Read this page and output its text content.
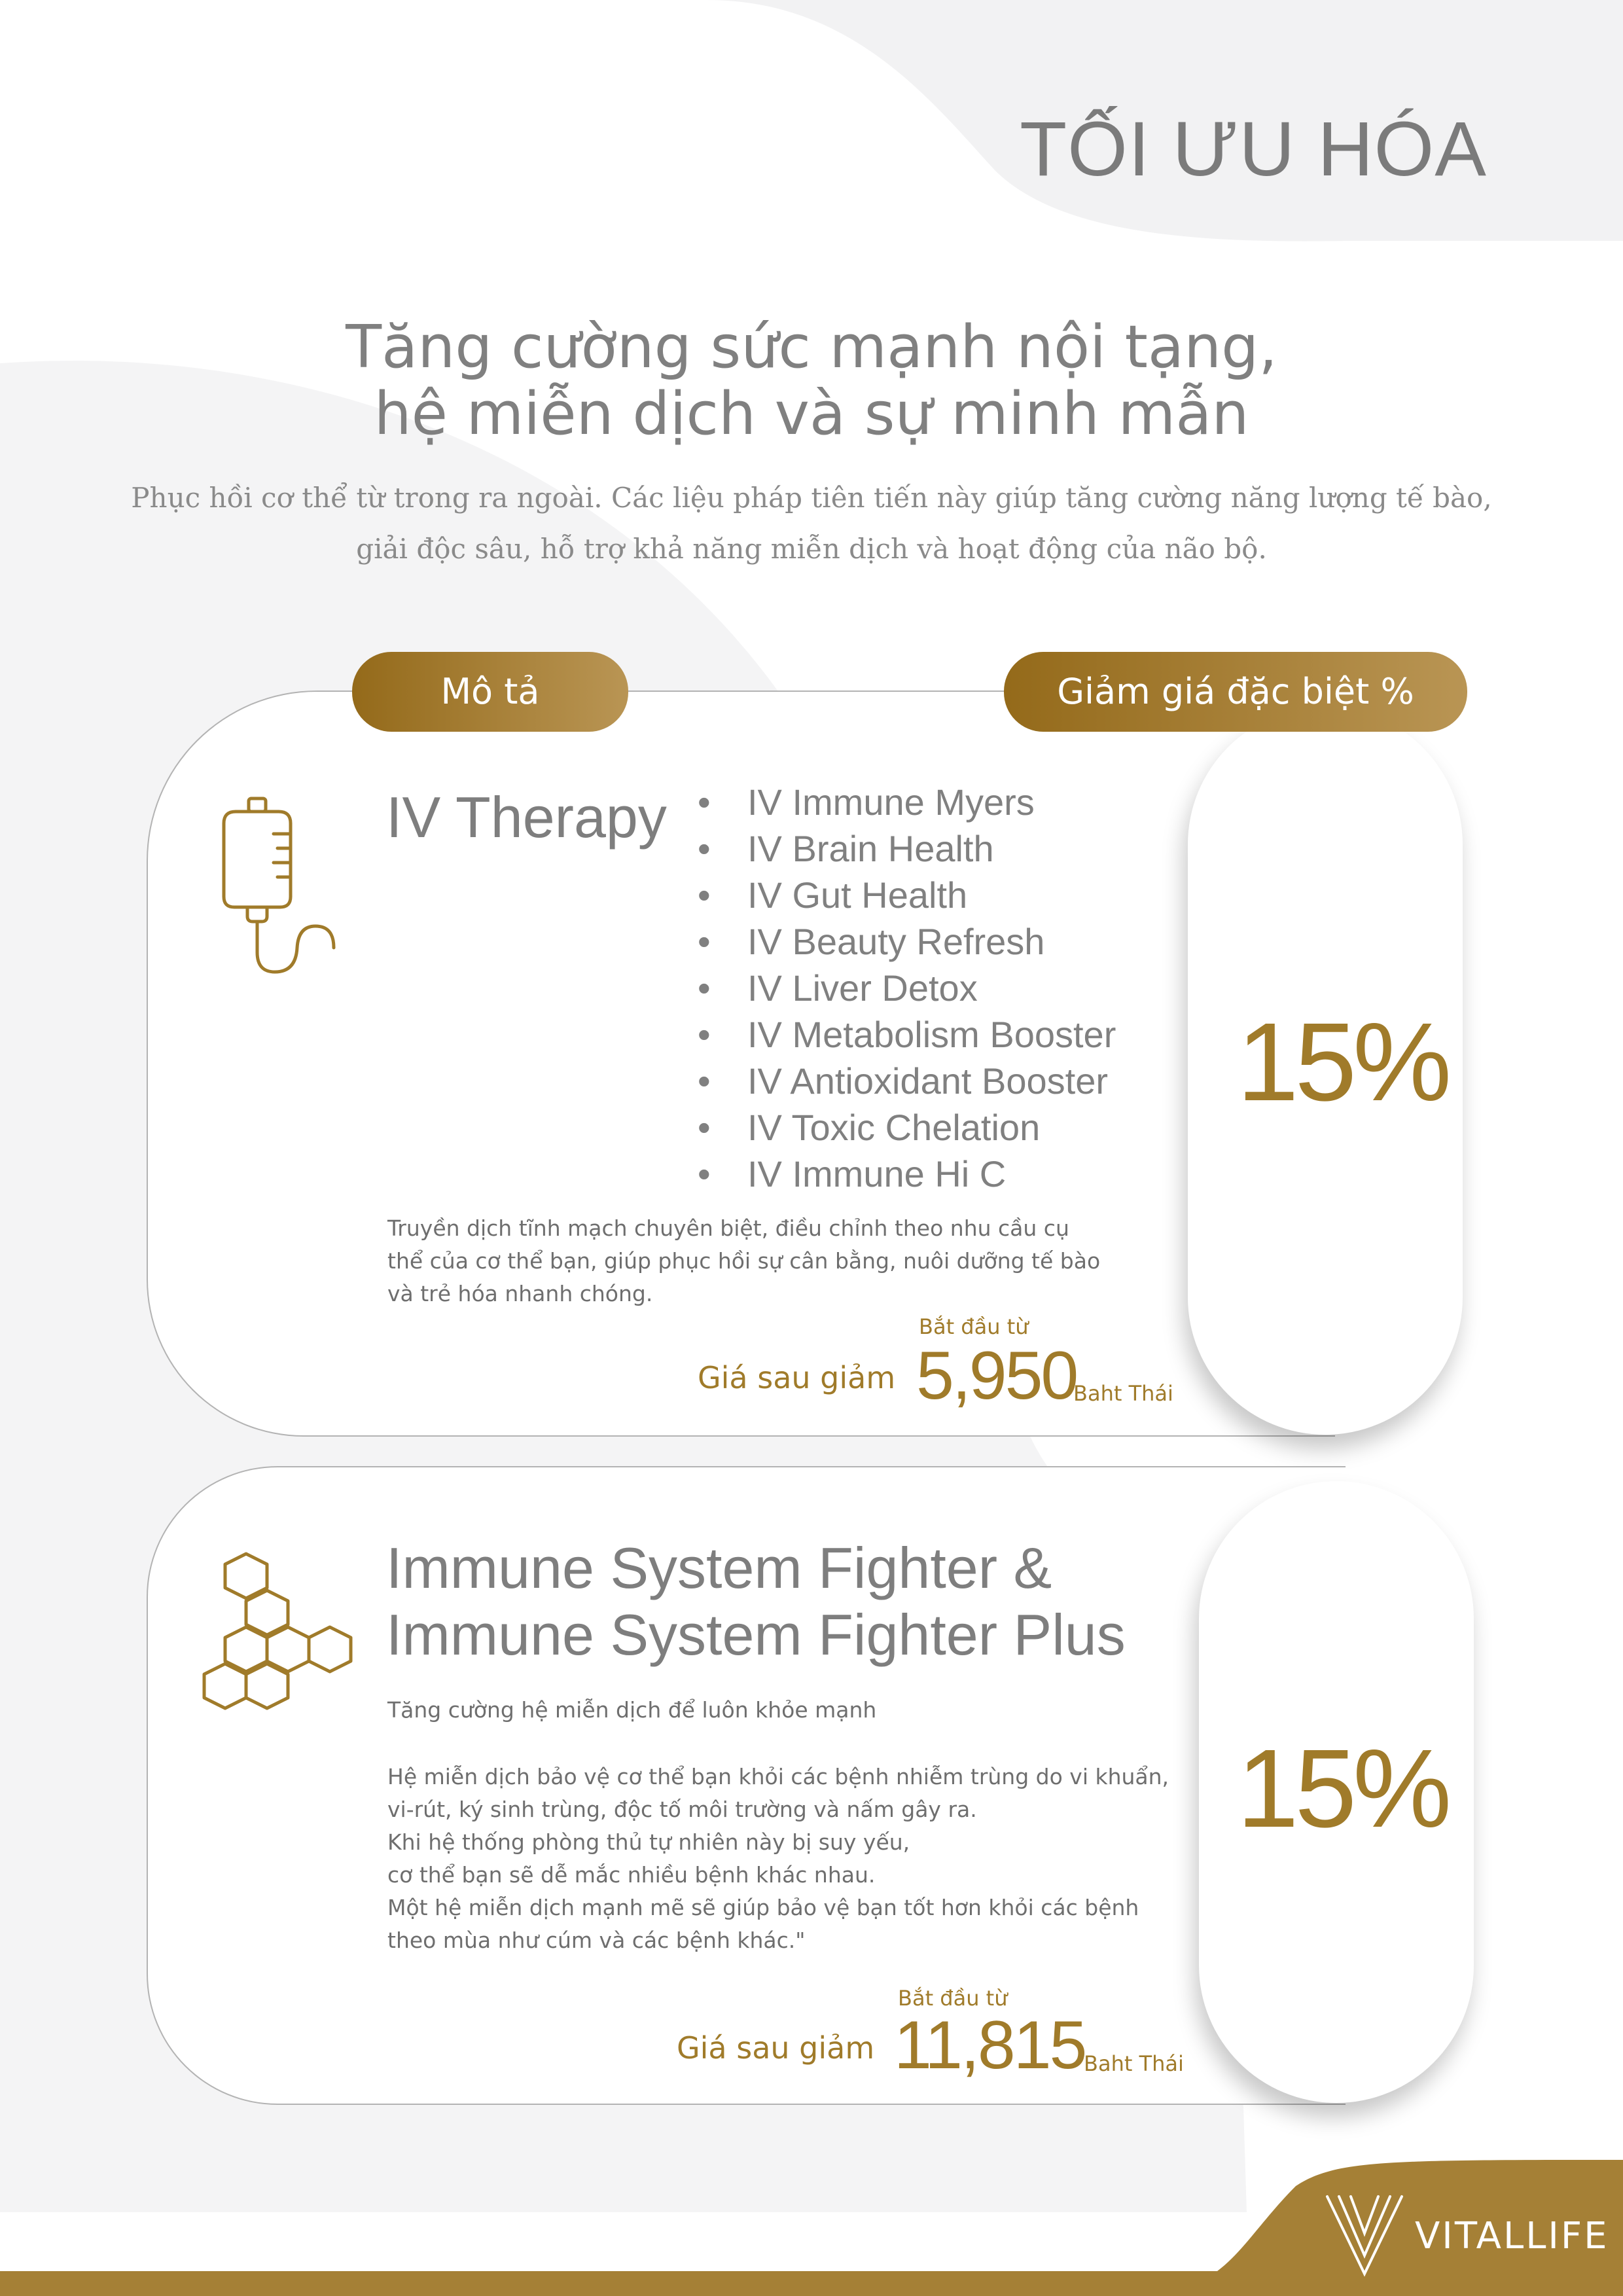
TỐI ƯU HÓA
Tăng cường sức mạnh nội tạng,
hệ miễn dịch và sự minh mẫn
Phục hồi cơ thể từ trong ra ngoài. Các liệu pháp tiên tiến này giúp tăng cường năng lượng tế bào,
giải độc sâu, hỗ trợ khả năng miễn dịch và hoạt động của não bộ.
Mô tả	Giảm giá đặc biệt %
IV Therapy
•	IV Immune Myers
• IV Brain Health
• IV Gut Health
• IV Beauty Refresh
• IV Liver Detox
• IV Metabolism Booster
• IV Antioxidant Booster
• IV Toxic Chelation
• IV Immune Hi C
Truyền dịch tĩnh mạch chuyên biệt, điều chỉnh theo nhu cầu cụ
thể của cơ thể bạn, giúp phục hồi sự cân bằng, nuôi dưỡng tế bào
và trẻ hóa nhanh chóng.
Bắt đầu từ
Giá sau giảm 5,950
Baht Thái
15%
Immune System Fighter &
Immune System Fighter Plus
Tăng cường hệ miễn dịch để luôn khỏe mạnh
Hệ miễn dịch bảo vệ cơ thể bạn khỏi các bệnh nhiễm trùng do vi khuẩn,
vi-rút, ký sinh trùng, độc tố môi trường và nấm gây ra.
Khi hệ thống phòng thủ tự nhiên này bị suy yếu,
cơ thể bạn sẽ dễ mắc nhiều bệnh khác nhau.
Một hệ miễn dịch mạnh mẽ sẽ giúp bảo vệ bạn tốt hơn khỏi các bệnh
theo mùa như cúm và các bệnh khác."
Bắt đầu từ
Giá sau giảm 11,815
Baht Thái
15%
VITALLIFE
